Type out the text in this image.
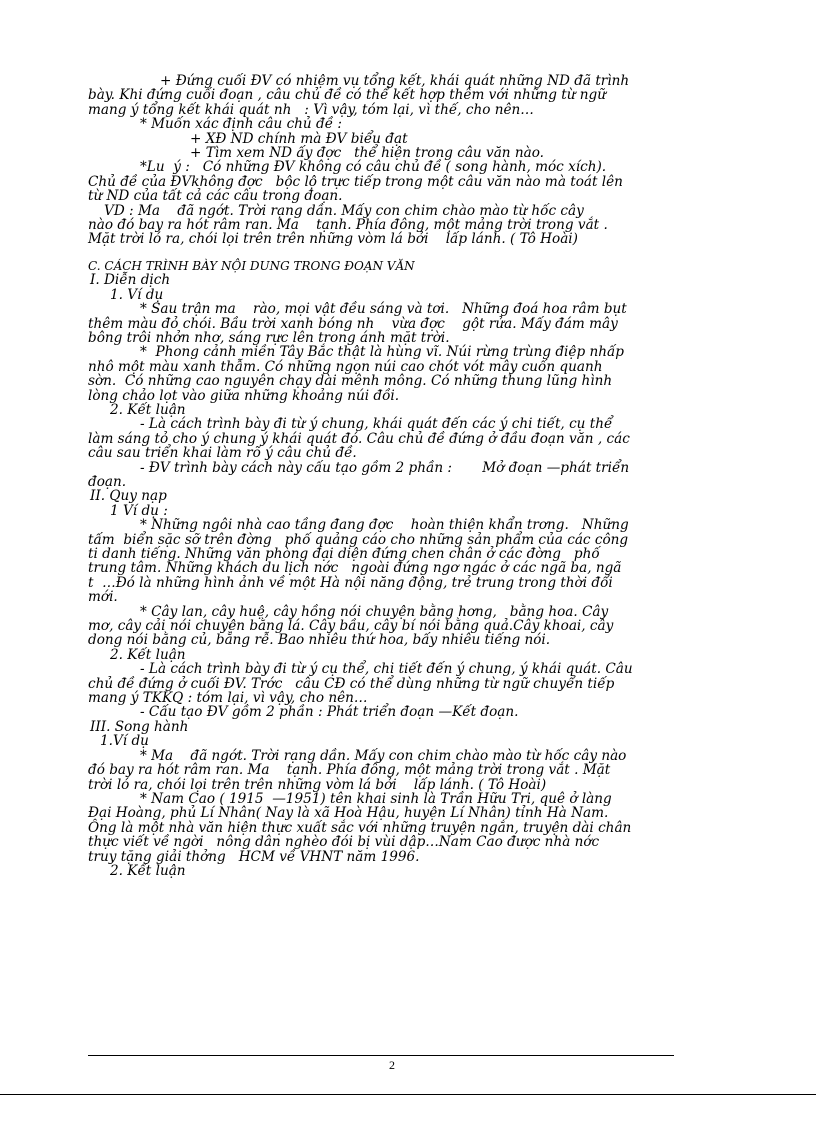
+ Đứng cuối ĐV có nhiệm vụ tổng kết, khái quát những ND đã trình

bày. Khi đứng cuối đoạn , câu chủ đề có thể kết hợp thêm với những từ ngữ

mang ý tổng kết khái quát nh   : Vì vậy, tóm lại, vì thế, cho nên…

* Muốn xác định câu chủ đề :

+ XĐ ND chính mà ĐV biểu đạt

+ Tìm xem ND ấy đợc   thể hiện trong câu văn nào.

*Lu  ý :   Có những ĐV không có câu chủ đề ( song hành, móc xích).

Chủ đề của ĐVkhông đợc   bộc lộ trực tiếp trong một câu văn nào mà toát lên

từ ND của tất cả các câu trong đoạn.

VD : Ma    đã ngớt. Trời rạng dần. Mấy con chim chào mào từ hốc cây

nào đó bay ra hót râm ran. Ma    tạnh. Phía đông, một mảng trời trong vắt .

Mặt trời ló ra, chói lọi trên trên những vòm lá bởi    lấp lánh. ( Tô Hoài)

C. CÁCH TRÌNH BÀY NỘI DUNG TRONG ĐOẠN VĂN

I. Diễn dịch

1. Ví dụ

* Sau trận ma    rào, mọi vật đều sáng và tơi.   Những đoá hoa râm bụt

thêm màu đỏ chói. Bầu trời xanh bóng nh    vừa đợc    gột rửa. Mấy đám mây

bông trôi nhởn nhơ, sáng rực lên trong ánh mặt trời.

*  Phong cảnh miền Tây Bắc thật là hùng vĩ. Núi rừng trùng điệp nhấp

nhô một màu xanh thẫm. Có những ngọn núi cao chót vót mây cuốn quanh

sờn.  Có những cao nguyên chạy dài mênh mông. Có những thung lũng hình

lòng chảo lọt vào giữa những khoảng núi đồi.

2. Kết luận

- Là cách trình bày đi từ ý chung, khái quát đến các ý chi tiết, cụ thể

làm sáng tỏ cho ý chung ý khái quát đó. Câu chủ đề đứng ở đầu đoạn văn , các

câu sau triển khai làm rõ ý câu chủ đề.

- ĐV trình bày cách này cấu tạo gồm 2 phần :       Mở đoạn —phát triển

đoạn.

II. Quy nạp

1 Ví dụ :

* Những ngôi nhà cao tầng đang đợc    hoàn thiện khẩn trơng.   Những

tấm  biển sặc sỡ trên đờng   phố quảng cáo cho những sản phẩm của các công

ti danh tiếng. Những văn phòng đại diện đứng chen chân ở các đờng   phố

trung tâm. Những khách du lịch nớc   ngoài đứng ngơ ngác ở các ngã ba, ngã

t  …Đó là những hình ảnh về một Hà nội năng động, trẻ trung trong thời đổi

mới.

* Cây lan, cây huệ, cây hồng nói chuyện bằng hơng,   bằng hoa. Cây

mơ, cây cải nói chuyện bằng lá. Cây bầu, cây bí nói bằng quả.Cây khoai, cây

dong nói bằng củ, bằng rễ. Bao nhiêu thứ hoa, bấy nhiêu tiếng nói.

2. Kết luận

- Là cách trình bày đi từ ý cụ thể, chi tiết đến ý chung, ý khái quát. Câu

chủ đề đứng ở cuối ĐV. Trớc   câu CĐ có thể dùng những từ ngữ chuyển tiếp

mang ý TKKQ : tóm lại, vì vậy, cho nên…

- Cấu tạo ĐV gồm 2 phần : Phát triển đoạn —Kết đoạn.

III. Song hành

1.Ví dụ

* Ma    đã ngớt. Trời rạng dần. Mấy con chim chào mào từ hốc cây nào

đó bay ra hót râm ran. Ma    tạnh. Phía đông, một mảng trời trong vắt . Mặt

trời ló ra, chói lọi trên trên những vòm lá bởi    lấp lánh. ( Tô Hoài)

* Nam Cao ( 1915  —1951) tên khai sinh là Trần Hữu Tri, quê ở làng

Đại Hoàng, phủ Lí Nhân( Nay là xã Hoà Hậu, huyện Lí Nhân) tỉnh Hà Nam.

Ông là một nhà văn hiện thực xuất sắc với những truyện ngắn, truyện dài chân

thực viết về ngời   nông dân nghèo đói bị vùi dập…Nam Cao được nhà nớc

truy tặng giải thởng   HCM về VHNT năm 1996.

2. Kết luận

2
